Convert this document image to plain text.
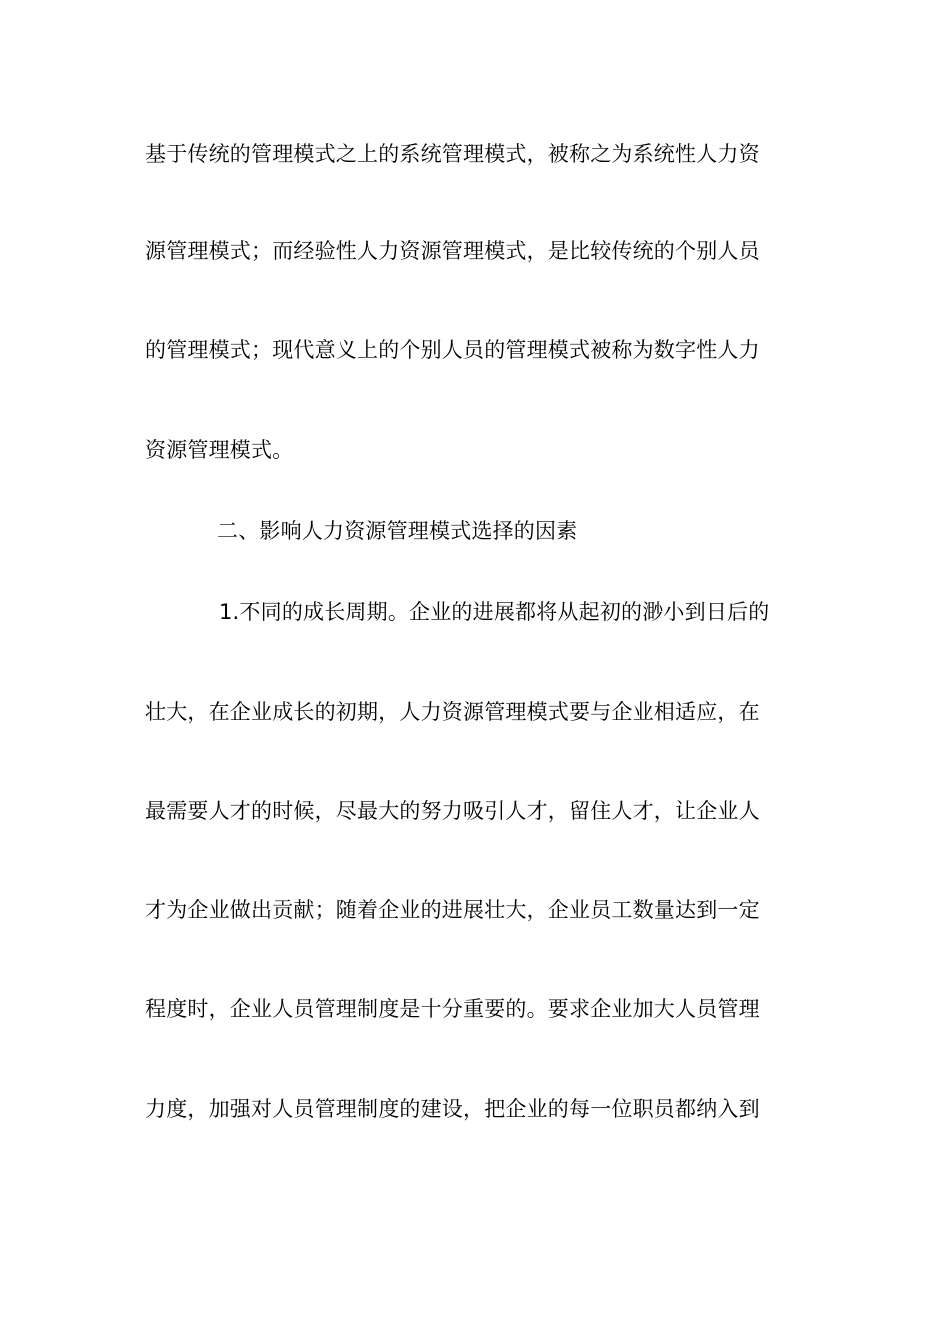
基于传统的管理模式之上的系统管理模式，被称之为系统性人力资
源管理模式；而经验性人力资源管理模式，是比较传统的个别人员
的管理模式；现代意义上的个别人员的管理模式被称为数字性人力
资源管理模式。
二、影响人力资源管理模式选择的因素
1.不同的成长周期。企业的进展都将从起初的渺小到日后的
壮大，在企业成长的初期，人力资源管理模式要与企业相适应，在
最需要人才的时候，尽最大的努力吸引人才，留住人才，让企业人
才为企业做出贡献；随着企业的进展壮大，企业员工数量达到一定
程度时，企业人员管理制度是十分重要的。要求企业加大人员管理
力度，加强对人员管理制度的建设，把企业的每一位职员都纳入到
